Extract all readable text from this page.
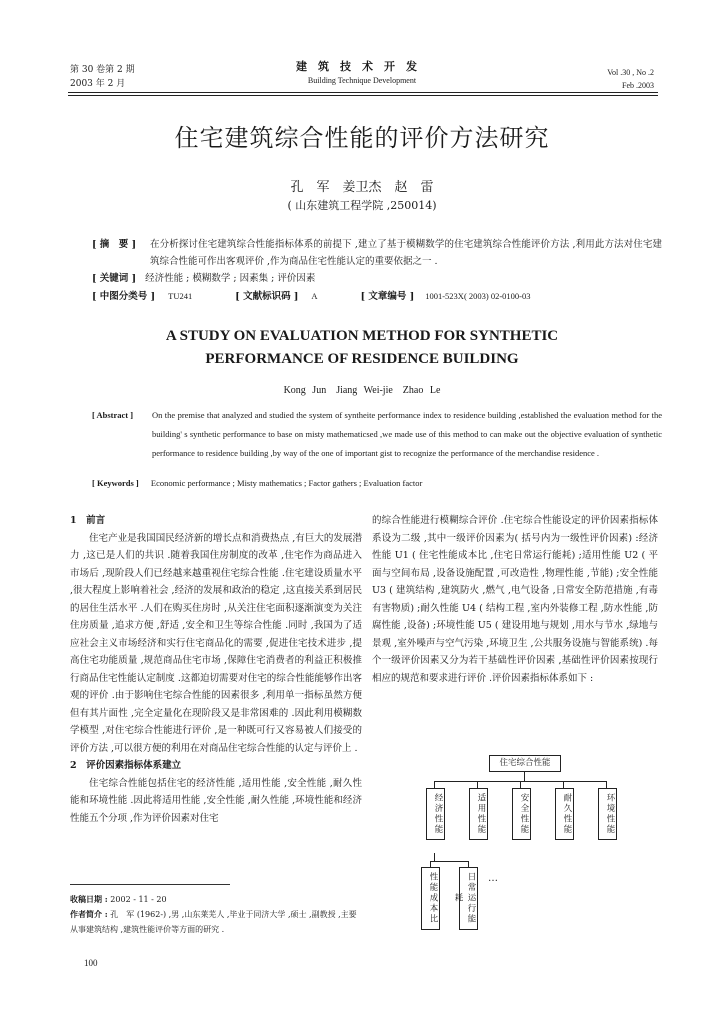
第 30 卷第 2 期
2003 年 2 月
建筑技术开发
Building Technique Development
Vol .30 , No .2
Feb .2003
住宅建筑综合性能的评价方法研究
孔　军　姜卫杰　赵　雷
( 山东建筑工程学院 ,250014)
[ 摘　要 ] 在分析探讨住宅建筑综合性能指标体系的前提下 ,建立了基于模糊数学的住宅建筑综合性能评价方法 ,利用此方法对住宅建筑综合性能可作出客观评价 ,作为商品住宅性能认定的重要依据之一 .
[ 关键词 ] 经济性能 ; 模糊数学 ; 因素集 ; 评价因素
[ 中图分类号 ] TU241	[ 文献标识码 ] A	[ 文章编号 ] 1001-523X( 2003) 02-0100-03
A STUDY ON EVALUATION METHOD FOR SYNTHETIC
PERFORMANCE OF RESIDENCE BUILDING
Kong Jun　Jiang Wei-jie　Zhao Le
[ Abstract ] On the premise that analyzed and studied the system of syntheite performance index to residence building ,established the evaluation method for the building' s synthetic performance to base on misty mathematicsed ,we made use of this method to can make out the objective evaluation of synthetic performance to residence building ,by way of the one of important gist to recognize the performance of the merchandise residence .
[ Keywords ] Economic performance ; Misty mathematics ; Factor gathers ; Evaluation factor
1　前言

住宅产业是我国国民经济新的增长点和消费热点 ,有巨大的发展潜力 ,这已是人们的共识 .随着我国住房制度的改革 ,住宅作为商品进入市场后 ,现阶段人们已经越来越重视住宅综合性能 .住宅建设质量水平 ,很大程度上影响着社会 ,经济的发展和政治的稳定 ,这直接关系到居民的居住生活水平 .人们在购买住房时 ,从关注住宅面积逐渐演变为关注住房质量 ,追求方便 ,舒适 ,安全和卫生等综合性能 .同时 ,我国为了适应社会主义市场经济和实行住宅商品化的需要 ,促进住宅技术进步 ,提高住宅功能质量 ,规范商品住宅市场 ,保障住宅消费者的利益正积极推行商品住宅性能认定制度 .这都迫切需要对住宅的综合性能能够作出客观的评价 .由于影响住宅综合性能的因素很多 ,利用单一指标虽然方便但有其片面性 ,完全定量化在现阶段又是非常困难的 .因此利用模糊数学模型 ,对住宅综合性能进行评价 ,是一种既可行又容易被人们接受的评价方法 ,可以很方便的利用在对商品住宅综合性能的认定与评价上 .

2　评价因素指标体系建立

住宅综合性能包括住宅的经济性能 ,适用性能 ,安全性能 ,耐久性能和环境性能 .因此将适用性能 ,安全性能 ,耐久性能 ,环境性能和经济性能五个分项 ,作为评价因素对住宅

的综合性能进行模糊综合评价 .住宅综合性能设定的评价因素指标体系设为二级 ,其中一级评价因素为( 括号内为一级性评价因素) :经济性能 U1 ( 住宅性能成本比 ,住宅日常运行能耗) ;适用性能 U2 ( 平面与空间布局 ,设备设施配置 ,可改造性 ,物理性能 ,节能) ;安全性能 U3 ( 建筑结构 ,建筑防火 ,燃气 ,电气设备 ,日常安全防范措施 ,有毒有害物质) ;耐久性能 U4 ( 结构工程 ,室内外装修工程 ,防水性能 ,防腐性能 ,设备) ;环境性能 U5 ( 建设用地与规划 ,用水与节水 ,绿地与景观 ,室外噪声与空气污染 ,环境卫生 ,公共服务设施与智能系统) .每个一级评价因素又分为若干基础性评价因素 ,基础性评价因素按现行相应的规范和要求进行评价 .评价因素指标体系如下 :

住宅综合性能
经济性能	适用性能	安全性能	耐久性能	环境性能
性能成本比	日常运行能耗
…
收稿日期 : 2002 - 11 - 20
作者简介 : 孔　军 (1962-) ,男 ,山东莱芜人 ,毕业于同济大学 ,硕士 ,副教授 ,主要从事建筑结构 ,建筑性能评价等方面的研究 .
100
